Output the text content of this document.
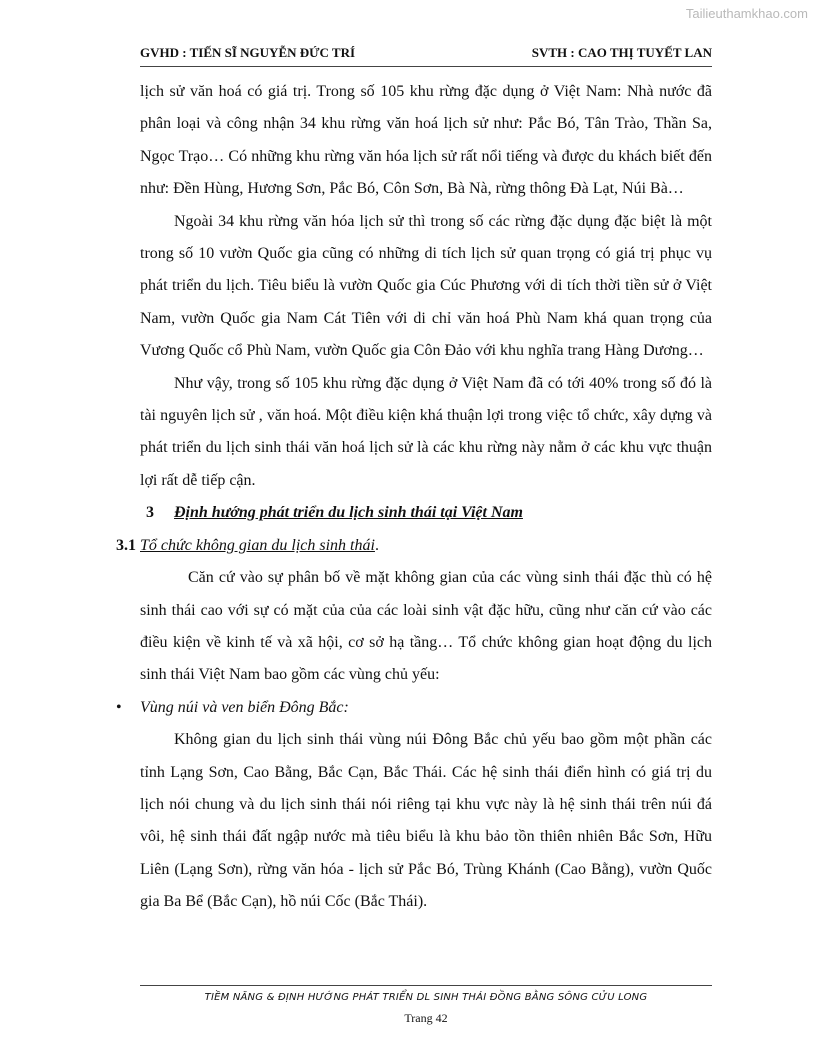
Tailieuthamkhao.com
GVHD : TIẾN SĨ NGUYỄN ĐỨC TRÍ	SVTH : CAO THỊ TUYẾT LAN

lịch sử văn hoá có giá trị. Trong số 105 khu rừng đặc dụng ở Việt Nam: Nhà nước đã phân loại và công nhận 34 khu rừng văn hoá lịch sử như: Pắc Bó, Tân Trào, Thần Sa, Ngọc Trạo… Có những khu rừng văn hóa lịch sử rất nổi tiếng và được du khách biết đến như: Đền Hùng, Hương Sơn, Pắc Bó, Côn Sơn, Bà Nà, rừng thông Đà Lạt, Núi Bà…

Ngoài 34 khu rừng văn hóa lịch sử thì trong số các rừng đặc dụng đặc biệt là một trong số 10 vườn Quốc gia cũng có những di tích lịch sử quan trọng có giá trị phục vụ phát triển du lịch. Tiêu biểu là vườn Quốc gia Cúc Phương với di tích thời tiền sử ở Việt Nam, vườn Quốc gia Nam Cát Tiên với di chỉ văn hoá Phù Nam khá quan trọng của Vương Quốc cổ Phù Nam, vườn Quốc gia Côn Đảo với khu nghĩa trang Hàng Dương…

Như vậy, trong số 105 khu rừng đặc dụng ở Việt Nam đã có tới 40% trong số đó là tài nguyên lịch sử , văn hoá. Một điều kiện khá thuận lợi trong việc tổ chức, xây dựng và phát triển du lịch sinh thái văn hoá lịch sử là các khu rừng này nằm ở các khu vực thuận lợi rất dễ tiếp cận.

3 Định hướng phát triển du lịch sinh thái tại Việt Nam

3.1 Tổ chức không gian du lịch sinh thái.

Căn cứ vào sự phân bố về mặt không gian của các vùng sinh thái đặc thù có hệ sinh thái cao với sự có mặt của của các loài sinh vật đặc hữu, cũng như căn cứ vào các điều kiện về kinh tế và xã hội, cơ sở hạ tầng… Tổ chức không gian hoạt động du lịch sinh thái Việt Nam bao gồm các vùng chủ yếu:

• Vùng núi và ven biển Đông Bắc:

Không gian du lịch sinh thái vùng núi Đông Bắc chủ yếu bao gồm một phần các tỉnh Lạng Sơn, Cao Bằng, Bắc Cạn, Bắc Thái. Các hệ sinh thái điển hình có giá trị du lịch nói chung và du lịch sinh thái nói riêng tại khu vực này là hệ sinh thái trên núi đá vôi, hệ sinh thái đất ngập nước mà tiêu biểu là khu bảo tồn thiên nhiên Bắc Sơn, Hữu Liên (Lạng Sơn), rừng văn hóa - lịch sử Pắc Bó, Trùng Khánh (Cao Bằng), vườn Quốc gia Ba Bể (Bắc Cạn), hồ núi Cốc (Bắc Thái).

TIỀM NĂNG & ĐỊNH HƯỚNG PHÁT TRIỂN DL SINH THÁI ĐỒNG BẰNG SÔNG CỬU LONG
Trang 42
